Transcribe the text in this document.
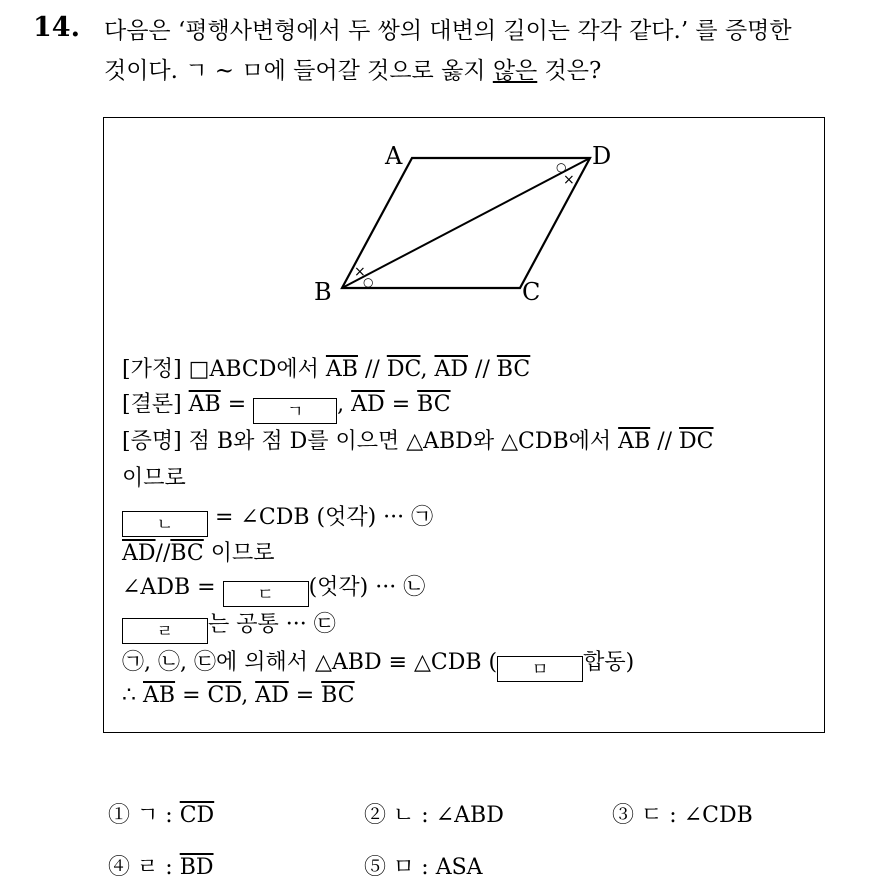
14. 다음은 ‘평행사변형에서 두 쌍의 대변의 길이는 각각 같다.’ 를 증명한
것이다. ㄱ ~ ㅁ에 들어갈 것으로 옳지 않은 것은?
A	D
B	C
○
×
×
○
[가정] □ABCD에서 $\overline{AB} // \overline{DC}$, $\overline{AD} // \overline{BC}$
[결론] $\overline{AB}$ = ㄱ , $\overline{AD} = \overline{BC}$
[증명] 점 B와 점 D를 이으면 △ABD와 △CDB에서 $\overline{AB} // \overline{DC}$
이므로
ㄴ = ∠CDB (엇각) ··· ㉠
$\overline{AD}//\overline{BC}$ 이므로
∠ADB = ㄷ (엇각) ··· ㉡
ㄹ 는 공통 ··· ㉢
㉠, ㉡, ㉢에 의해서 △ABD ≡ △CDB ( ㅁ 합동)
∴ $\overline{AB} = \overline{CD}$, $\overline{AD} = \overline{BC}$
① ㄱ : $\overline{CD}$	② ㄴ : ∠ABD	③ ㄷ : ∠CDB
④ ㄹ : $\overline{BD}$	⑤ ㅁ : ASA
